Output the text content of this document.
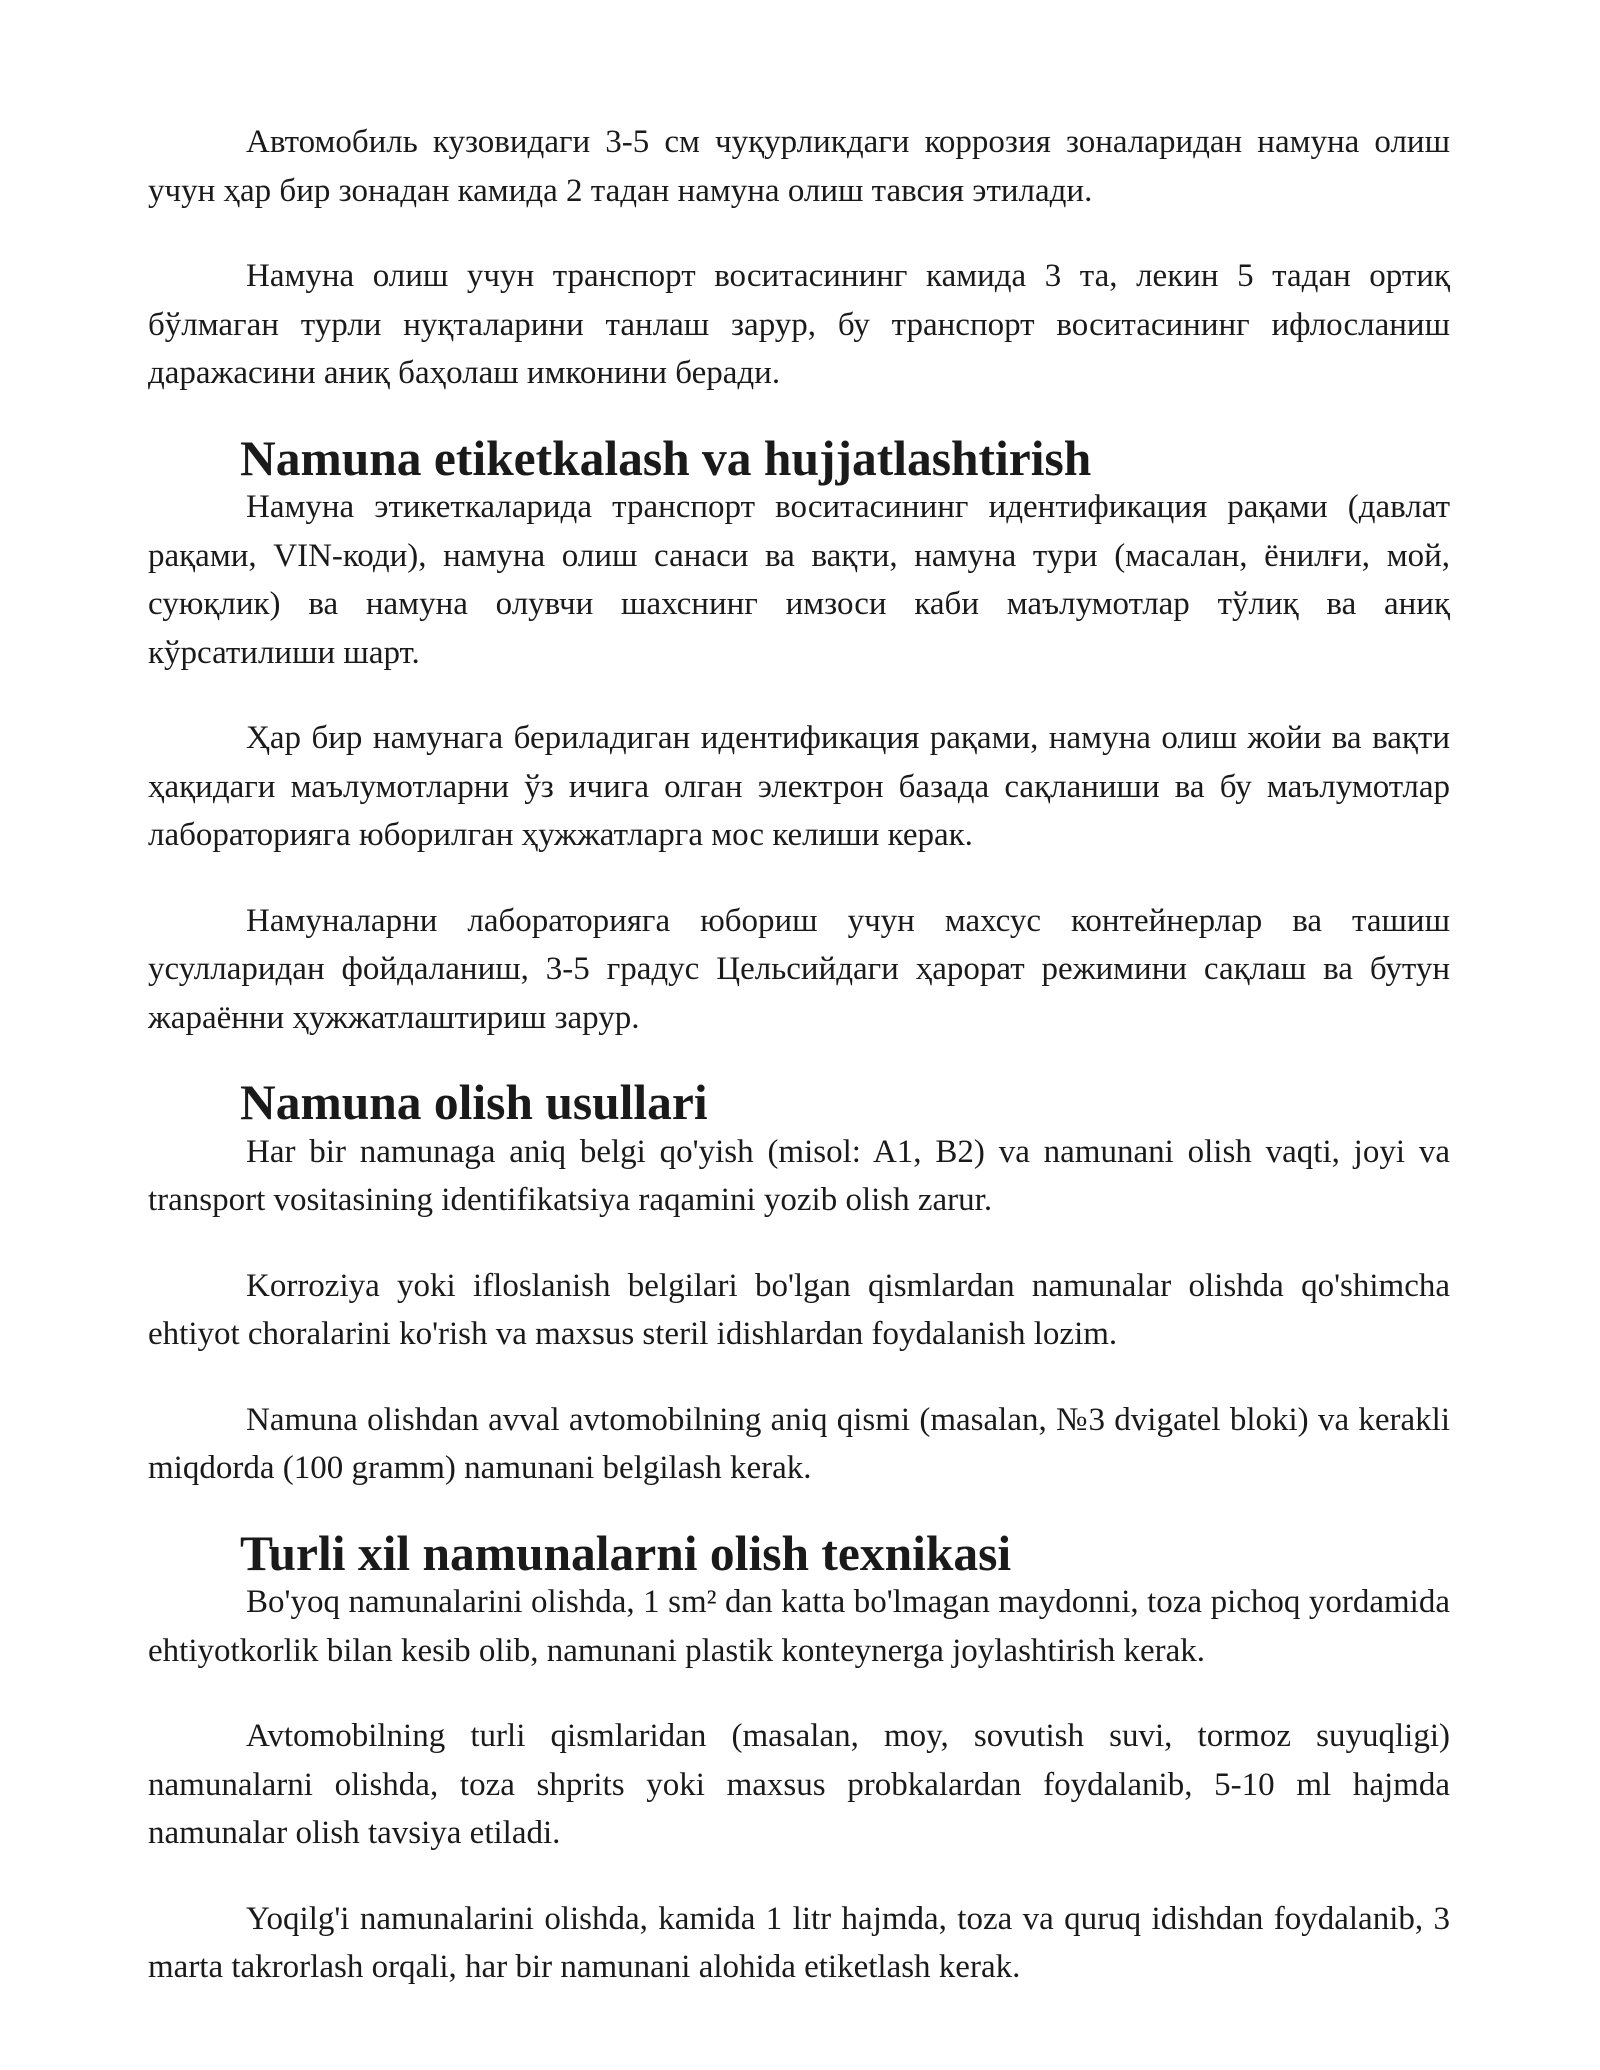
Автомобиль кузовидаги 3-5 см чуқурликдаги коррозия зоналаридан намуна олиш учун ҳар бир зонадан камида 2 тадан намуна олиш тавсия этилади.

Намуна олиш учун транспорт воситасининг камида 3 та, лекин 5 тадан ортиқ бўлмаган турли нуқталарини танлаш зарур, бу транспорт воситасининг ифлосланиш даражасини аниқ баҳолаш имконини беради.

Namuna etiketkalash va hujjatlashtirish

Намуна этикеткаларида транспорт воситасининг идентификация рақами (давлат рақами, VIN-коди), намуна олиш санаси ва вақти, намуна тури (масалан, ёнилғи, мой, суюқлик) ва намуна олувчи шахснинг имзоси каби маълумотлар тўлиқ ва аниқ кўрсатилиши шарт.

Ҳар бир намунага бериладиган идентификация рақами, намуна олиш жойи ва вақти ҳақидаги маълумотларни ўз ичига олган электрон базада сақланиши ва бу маълумотлар лабораторияга юборилган ҳужжатларга мос келиши керак.

Намуналарни лабораторияга юбориш учун махсус контейнерлар ва ташиш усулларидан фойдаланиш, 3-5 градус Цельсийдаги ҳарорат режимини сақлаш ва бутун жараённи ҳужжатлаштириш зарур.

Namuna olish usullari

Har bir namunaga aniq belgi qo'yish (misol: A1, B2) va namunani olish vaqti, joyi va transport vositasining identifikatsiya raqamini yozib olish zarur.

Korroziya yoki ifloslanish belgilari bo'lgan qismlardan namunalar olishda qo'shimcha ehtiyot choralarini ko'rish va maxsus steril idishlardan foydalanish lozim.

Namuna olishdan avval avtomobilning aniq qismi (masalan, №3 dvigatel bloki) va kerakli miqdorda (100 gramm) namunani belgilash kerak.

Turli xil namunalarni olish texnikasi

Bo'yoq namunalarini olishda, 1 sm² dan katta bo'lmagan maydonni, toza pichoq yordamida ehtiyotkorlik bilan kesib olib, namunani plastik konteynerga joylashtirish kerak.

Avtomobilning turli qismlaridan (masalan, moy, sovutish suvi, tormoz suyuqligi) namunalarni olishda, toza shprits yoki maxsus probkalardan foydalanib, 5-10 ml hajmda namunalar olish tavsiya etiladi.

Yoqilg'i namunalarini olishda, kamida 1 litr hajmda, toza va quruq idishdan foydalanib, 3 marta takrorlash orqali, har bir namunani alohida etiketlash kerak.
